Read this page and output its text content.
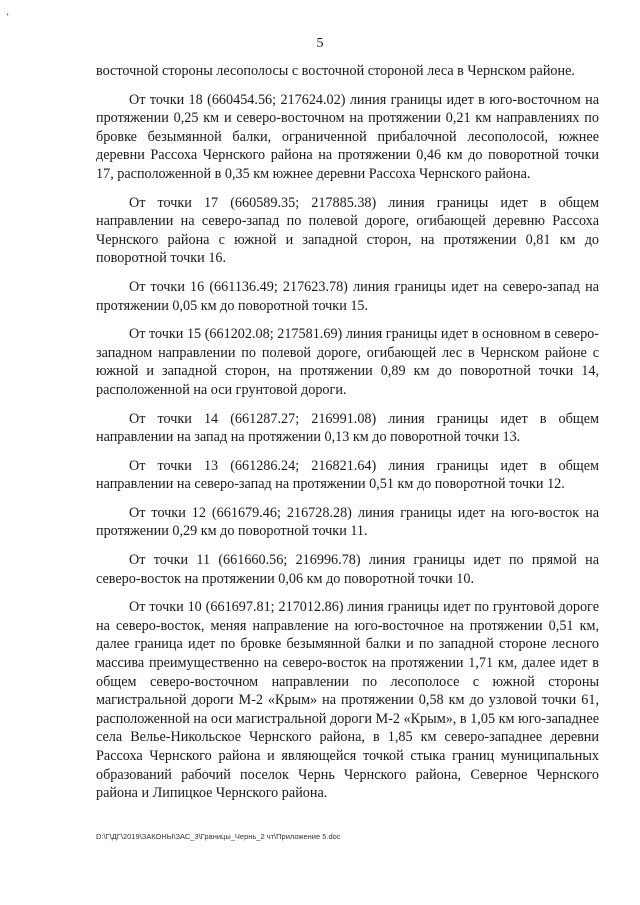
‘
5

восточной стороны лесополосы с восточной стороной леса в Чернском районе.

От точки 18 (660454.56; 217624.02) линия границы идет в юго-восточном на протяжении 0,25 км и северо-восточном на протяжении 0,21 км направлениях по бровке безымянной балки, ограниченной прибалочной лесополосой, южнее деревни Рассоха Чернского района на протяжении 0,46 км до поворотной точки 17, расположенной в 0,35 км южнее деревни Рассоха Чернского района.

От точки 17 (660589.35; 217885.38) линия границы идет в общем направлении на северо-запад по полевой дороге, огибающей деревню Рассоха Чернского района с южной и западной сторон, на протяжении 0,81 км до поворотной точки 16.

От точки 16 (661136.49; 217623.78) линия границы идет на северо-запад на протяжении 0,05 км до поворотной точки 15.

От точки 15 (661202.08; 217581.69) линия границы идет в основном в северо-западном направлении по полевой дороге, огибающей лес в Чернском районе с южной и западной сторон, на протяжении 0,89 км до поворотной точки 14, расположенной на оси грунтовой дороги.

От точки 14 (661287.27; 216991.08) линия границы идет в общем направлении на запад на протяжении 0,13 км до поворотной точки 13.

От точки 13 (661286.24; 216821.64) линия границы идет в общем направлении на северо-запад на протяжении 0,51 км до поворотной точки 12.

От точки 12 (661679.46; 216728.28) линия границы идет на юго-восток на протяжении 0,29 км до поворотной точки 11.

От точки 11 (661660.56; 216996.78) линия границы идет по прямой на северо-восток на протяжении 0,06 км до поворотной точки 10.

От точки 10 (661697.81; 217012.86) линия границы идет по грунтовой дороге на северо-восток, меняя направление на юго-восточное на протяжении 0,51 км, далее граница идет по бровке безымянной балки и по западной стороне лесного массива преимущественно на северо-восток на протяжении 1,71 км, далее идет в общем северо-восточном направлении по лесополосе с южной стороны магистральной дороги М-2 «Крым» на протяжении 0,58 км до узловой точки 61, расположенной на оси магистральной дороги М-2 «Крым», в 1,05 км юго-западнее села Велье-Никольское Чернского района, в 1,85 км северо-западнее деревни Рассоха Чернского района и являющейся точкой стыка границ муниципальных образований рабочий поселок Чернь Чернского района, Северное Чернского района и Липицкое Чернского района.

D:\Г\ДГ\2019\ЗАКОНЫ\ЗАС_3\Границы_Чернь_2 чт\Приложение 5.doc
